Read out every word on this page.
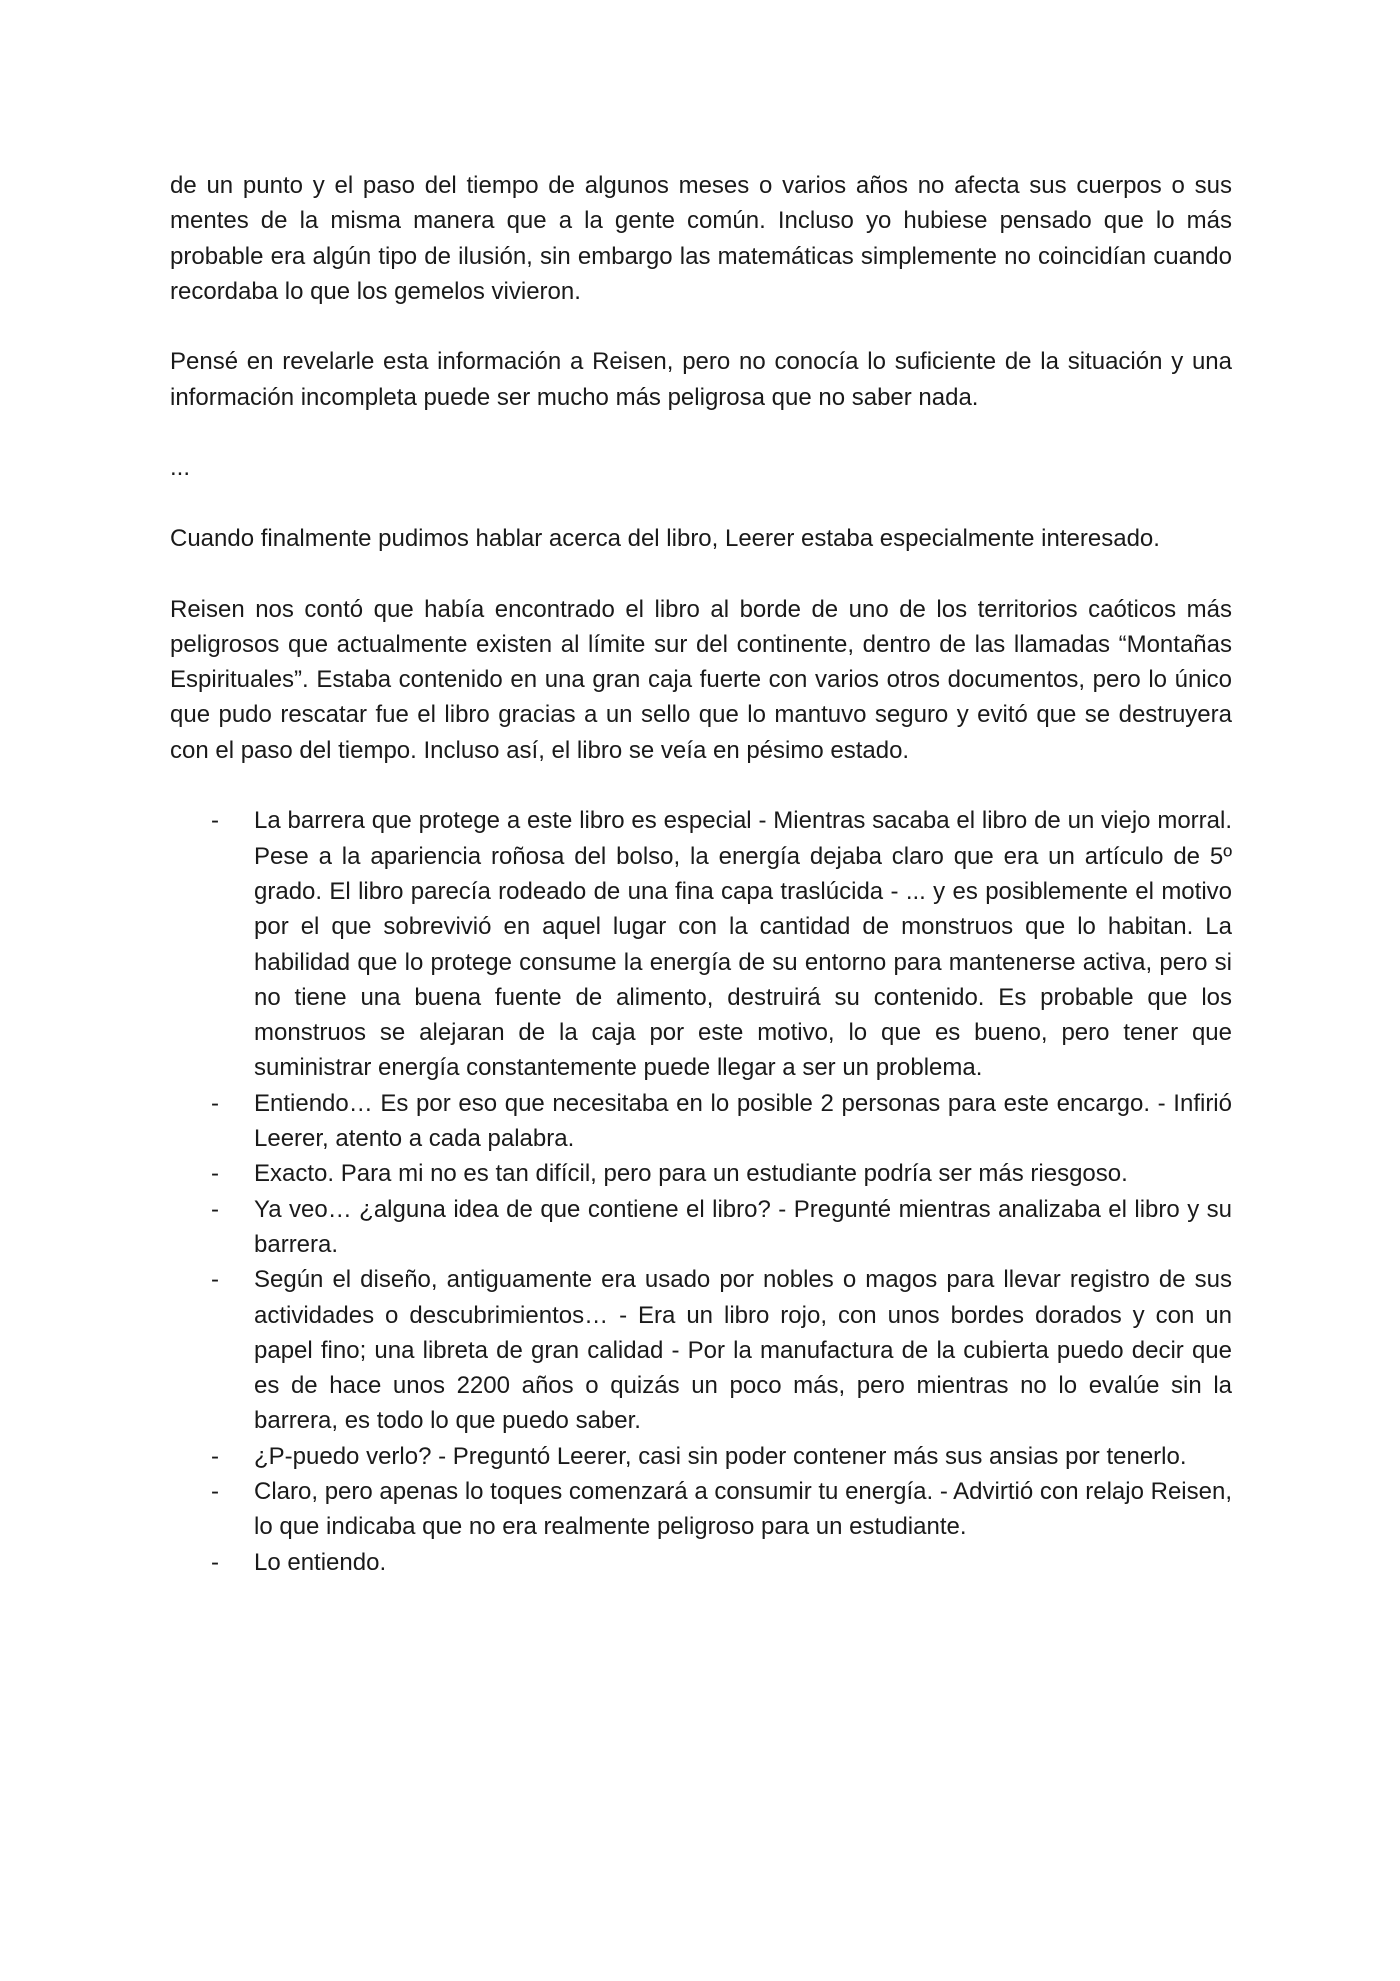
de un punto y el paso del tiempo de algunos meses o varios años no afecta sus cuerpos o sus mentes de la misma manera que a la gente común. Incluso yo hubiese pensado que lo más probable era algún tipo de ilusión, sin embargo las matemáticas simplemente no coincidían cuando recordaba lo que los gemelos vivieron.

Pensé en revelarle esta información a Reisen, pero no conocía lo suficiente de la situación y una información incompleta puede ser mucho más peligrosa que no saber nada.

...

Cuando finalmente pudimos hablar acerca del libro, Leerer estaba especialmente interesado.

Reisen nos contó que había encontrado el libro al borde de uno de los territorios caóticos más peligrosos que actualmente existen al límite sur del continente, dentro de las llamadas “Montañas Espirituales”. Estaba contenido en una gran caja fuerte con varios otros documentos, pero lo único que pudo rescatar fue el libro gracias a un sello que lo mantuvo seguro y evitó que se destruyera con el paso del tiempo. Incluso así, el libro se veía en pésimo estado.

- La barrera que protege a este libro es especial - Mientras sacaba el libro de un viejo morral. Pese a la apariencia roñosa del bolso, la energía dejaba claro que era un artículo de 5º grado. El libro parecía rodeado de una fina capa traslúcida - ... y es posiblemente el motivo por el que sobrevivió en aquel lugar con la cantidad de monstruos que lo habitan. La habilidad que lo protege consume la energía de su entorno para mantenerse activa, pero si no tiene una buena fuente de alimento, destruirá su contenido. Es probable que los monstruos se alejaran de la caja por este motivo, lo que es bueno, pero tener que suministrar energía constantemente puede llegar a ser un problema.
- Entiendo… Es por eso que necesitaba en lo posible 2 personas para este encargo. - Infirió Leerer, atento a cada palabra.
- Exacto. Para mi no es tan difícil, pero para un estudiante podría ser más riesgoso.
- Ya veo… ¿alguna idea de que contiene el libro? - Pregunté mientras analizaba el libro y su barrera.
- Según el diseño, antiguamente era usado por nobles o magos para llevar registro de sus actividades o descubrimientos… - Era un libro rojo, con unos bordes dorados y con un papel fino; una libreta de gran calidad - Por la manufactura de la cubierta puedo decir que es de hace unos 2200 años o quizás un poco más, pero mientras no lo evalúe sin la barrera, es todo lo que puedo saber.
- ¿P-puedo verlo? - Preguntó Leerer, casi sin poder contener más sus ansias por tenerlo.
- Claro, pero apenas lo toques comenzará a consumir tu energía. - Advirtió con relajo Reisen, lo que indicaba que no era realmente peligroso para un estudiante.
- Lo entiendo.
